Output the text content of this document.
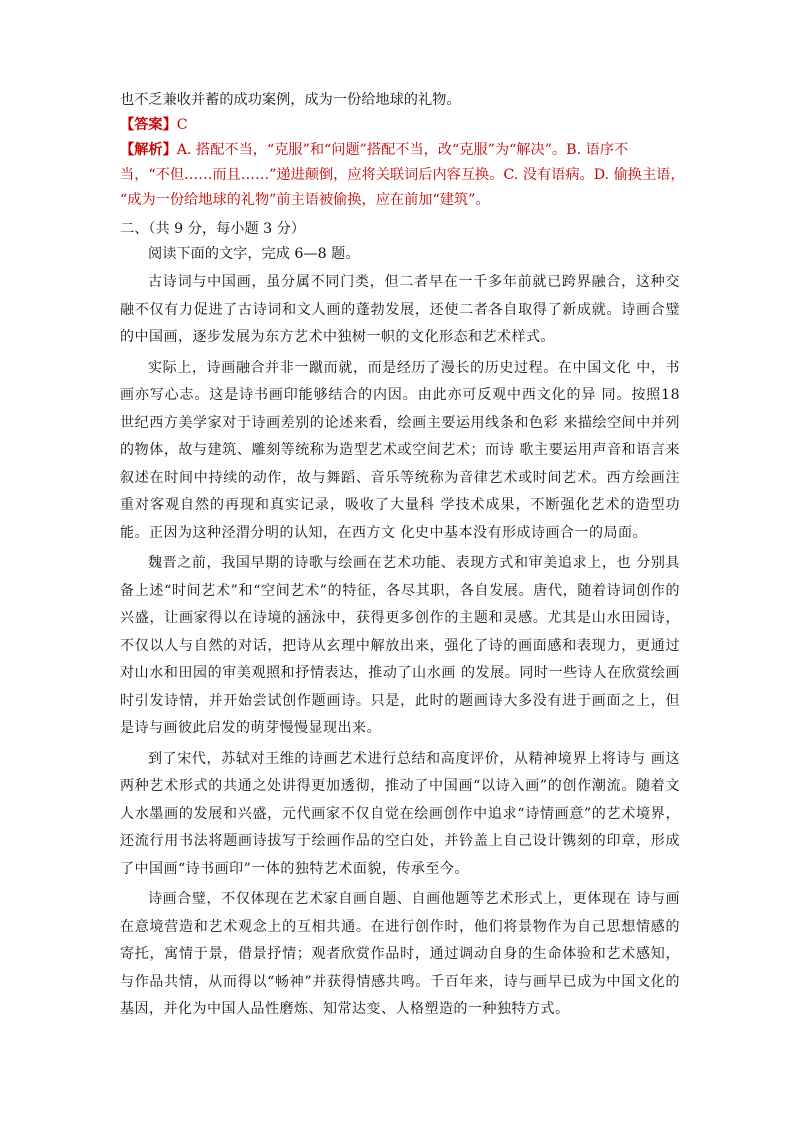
也不乏兼收并蓄的成功案例，成为一份给地球的礼物。

【答案】C

【解析】A. 搭配不当，“克服”和“问题”搭配不当，改“克服”为“解决”。B. 语序不

当，“不但……而且……”递进颠倒，应将关联词后内容互换。C. 没有语病。D. 偷换主语，

“成为一份给地球的礼物”前主语被偷换，应在前加“建筑”。

二、（共 9 分，每小题 3 分）

阅读下面的文字，完成 6—8 题。

古诗词与中国画，虽分属不同门类，但二者早在一千多年前就已跨界融合，这种交融不仅有力促进了古诗词和文人画的蓬勃发展，还使二者各自取得了新成就。诗画合璧的中国画，逐步发展为东方艺术中独树一帜的文化形态和艺术样式。

实际上，诗画融合并非一蹴而就，而是经历了漫长的历史过程。在中国文化 中，书画亦写心志。这是诗书画印能够结合的内因。由此亦可反观中西文化的异 同。按照18世纪西方美学家对于诗画差别的论述来看，绘画主要运用线条和色彩 来描绘空间中并列的物体，故与建筑、雕刻等统称为造型艺术或空间艺术；而诗 歌主要运用声音和语言来叙述在时间中持续的动作，故与舞蹈、音乐等统称为音律艺术或时间艺术。西方绘画注重对客观自然的再现和真实记录，吸收了大量科 学技术成果，不断强化艺术的造型功能。正因为这种泾渭分明的认知，在西方文 化史中基本没有形成诗画合一的局面。

魏晋之前，我国早期的诗歌与绘画在艺术功能、表现方式和审美追求上，也 分别具备上述“时间艺术”和“空间艺术”的特征，各尽其职，各自发展。唐代，随着诗词创作的兴盛，让画家得以在诗境的涵泳中，获得更多创作的主题和灵感。尤其是山水田园诗，不仅以人与自然的对话，把诗从玄理中解放出来，强化了诗的画面感和表现力，更通过对山水和田园的审美观照和抒情表达，推动了山水画 的发展。同时一些诗人在欣赏绘画时引发诗情，并开始尝试创作题画诗。只是，此时的题画诗大多没有进于画面之上，但是诗与画彼此启发的萌芽慢慢显现出来。

到了宋代，苏轼对王维的诗画艺术进行总结和高度评价，从精神境界上将诗与 画这两种艺术形式的共通之处讲得更加透彻，推动了中国画“以诗入画”的创作潮流。随着文人水墨画的发展和兴盛，元代画家不仅自觉在绘画创作中追求“诗情画意”的艺术境界，还流行用书法将题画诗拔写于绘画作品的空白处，并钤盖上自己设计镌刻的印章，形成了中国画“诗书画印”一体的独特艺术面貌，传承至今。

诗画合璧，不仅体现在艺术家自画自题、自画他题等艺术形式上，更体现在 诗与画在意境营造和艺术观念上的互相共通。在进行创作时，他们将景物作为自己思想情感的寄托，寓情于景，借景抒情；观者欣赏作品时，通过调动自身的生命体验和艺术感知，与作品共情，从而得以“畅神”并获得情感共鸣。千百年来，诗与画早已成为中国文化的基因，并化为中国人品性磨炼、知常达变、人格塑造的一种独特方式。
